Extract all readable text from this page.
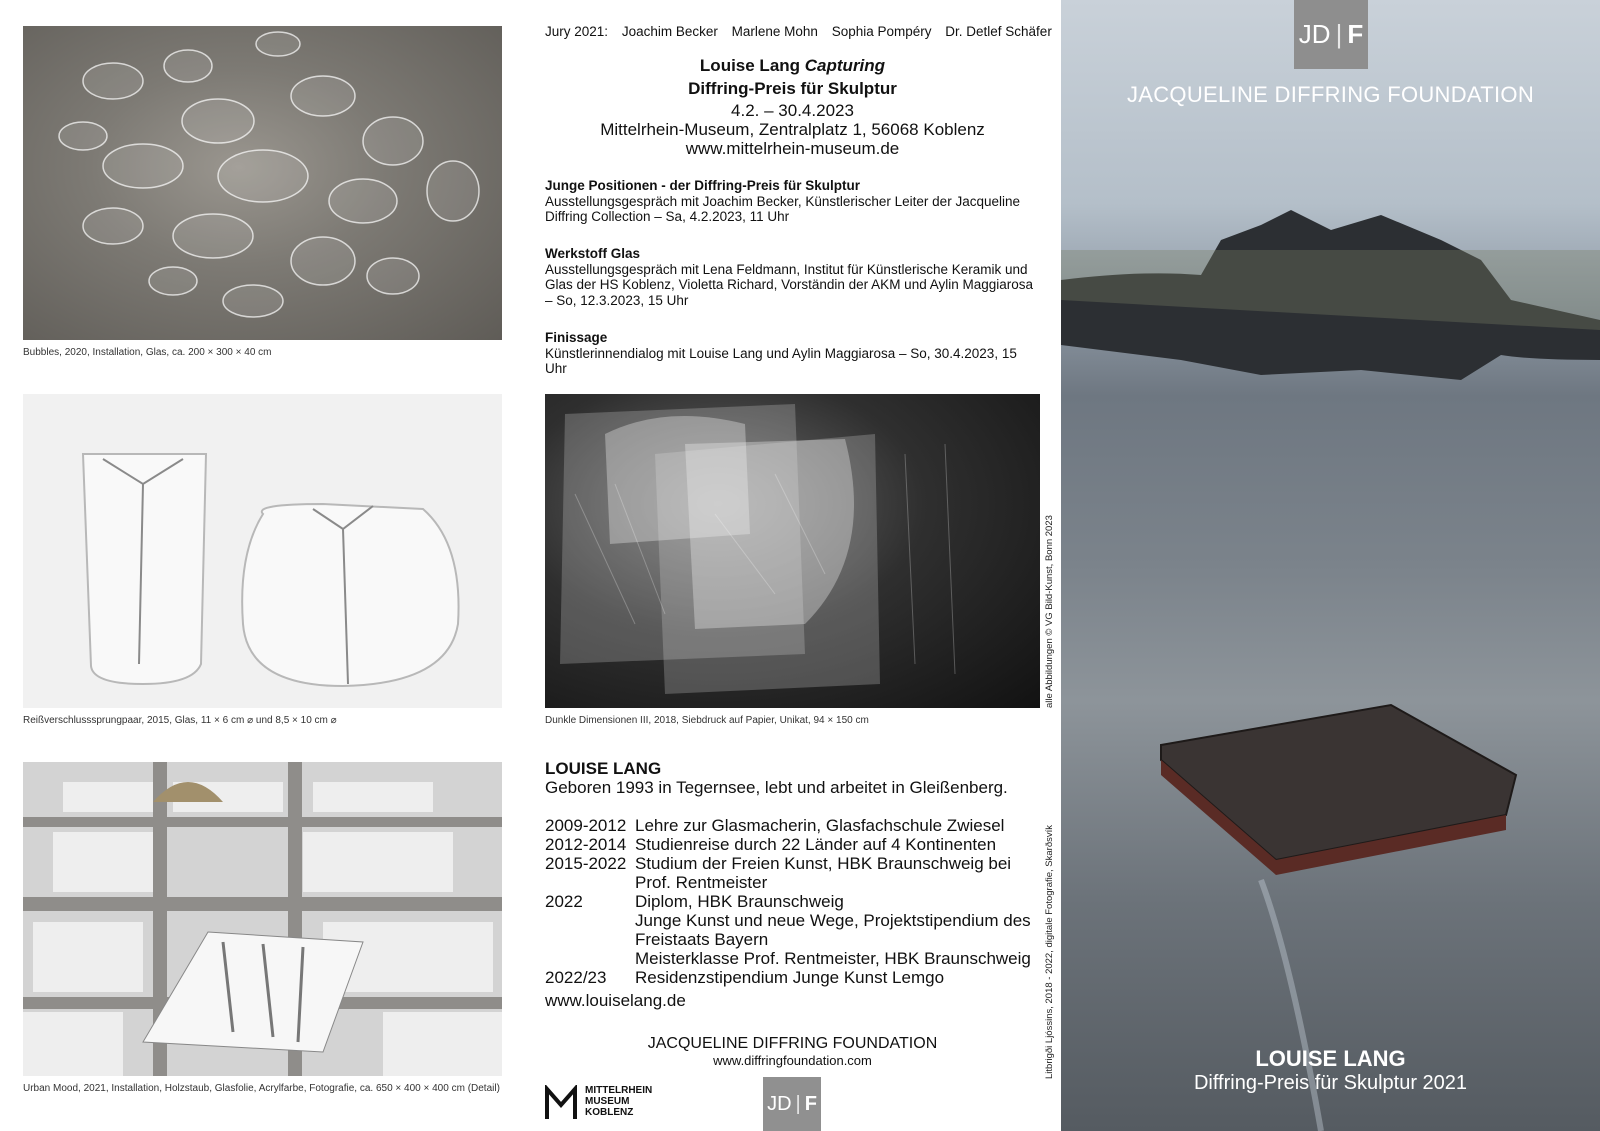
Bubbles, 2020, Installation, Glas, ca. 200 × 300 × 40 cm
Reißverschlusssprungpaar, 2015, Glas, 11 × 6 cm ⌀ und 8,5 × 10 cm ⌀
Urban Mood, 2021, Installation, Holzstaub, Glasfolie, Acrylfarbe, Fotografie, ca. 650 × 400 × 400 cm (Detail)
Jury 2021: Joachim Becker Marlene Mohn Sophia Pompéry Dr. Detlef Schäfer
Louise Lang Capturing
Diffring-Preis für Skulptur
4.2. – 30.4.2023
Mittelrhein-Museum, Zentralplatz 1, 56068 Koblenz
www.mittelrhein-museum.de
Junge Positionen - der Diffring-Preis für Skulptur
Ausstellungsgespräch mit Joachim Becker, Künstlerischer Leiter der Jacqueline Diffring Collection – Sa, 4.2.2023, 11 Uhr
Werkstoff Glas
Ausstellungsgespräch mit Lena Feldmann, Institut für Künstlerische Keramik und Glas der HS Koblenz, Violetta Richard, Vorständin der AKM und Aylin Maggiarosa – So, 12.3.2023, 15 Uhr
Finissage
Künstlerinnendialog mit Louise Lang und Aylin Maggiarosa – So, 30.4.2023, 15 Uhr
Dunkle Dimensionen III, 2018, Siebdruck auf Papier, Unikat, 94 × 150 cm
alle Abbildungen © VG Bild-Kunst, Bonn 2023
Litbrigði Ljóssins, 2018 - 2022, digitale Fotografie, Skarðsvík
LOUISE LANG
Geboren 1993 in Tegernsee, lebt und arbeitet in Gleißenberg.
2009-2012 Lehre zur Glasmacherin, Glasfachschule Zwiesel
2012-2014 Studienreise durch 22 Länder auf 4 Kontinenten
2015-2022 Studium der Freien Kunst, HBK Braunschweig bei Prof. Rentmeister
2022	Diplom, HBK Braunschweig
Junge Kunst und neue Wege, Projektstipendium des Freistaats Bayern
Meisterklasse Prof. Rentmeister, HBK Braunschweig
2022/23	Residenzstipendium Junge Kunst Lemgo
www.louiselang.de
JACQUELINE DIFFRING FOUNDATION
www.diffringfoundation.com
MITTELRHEIN
MUSEUM
KOBLENZ	JD | F
JD | F
JACQUELINE DIFFRING FOUNDATION
LOUISE LANG
Diffring-Preis für Skulptur 2021
